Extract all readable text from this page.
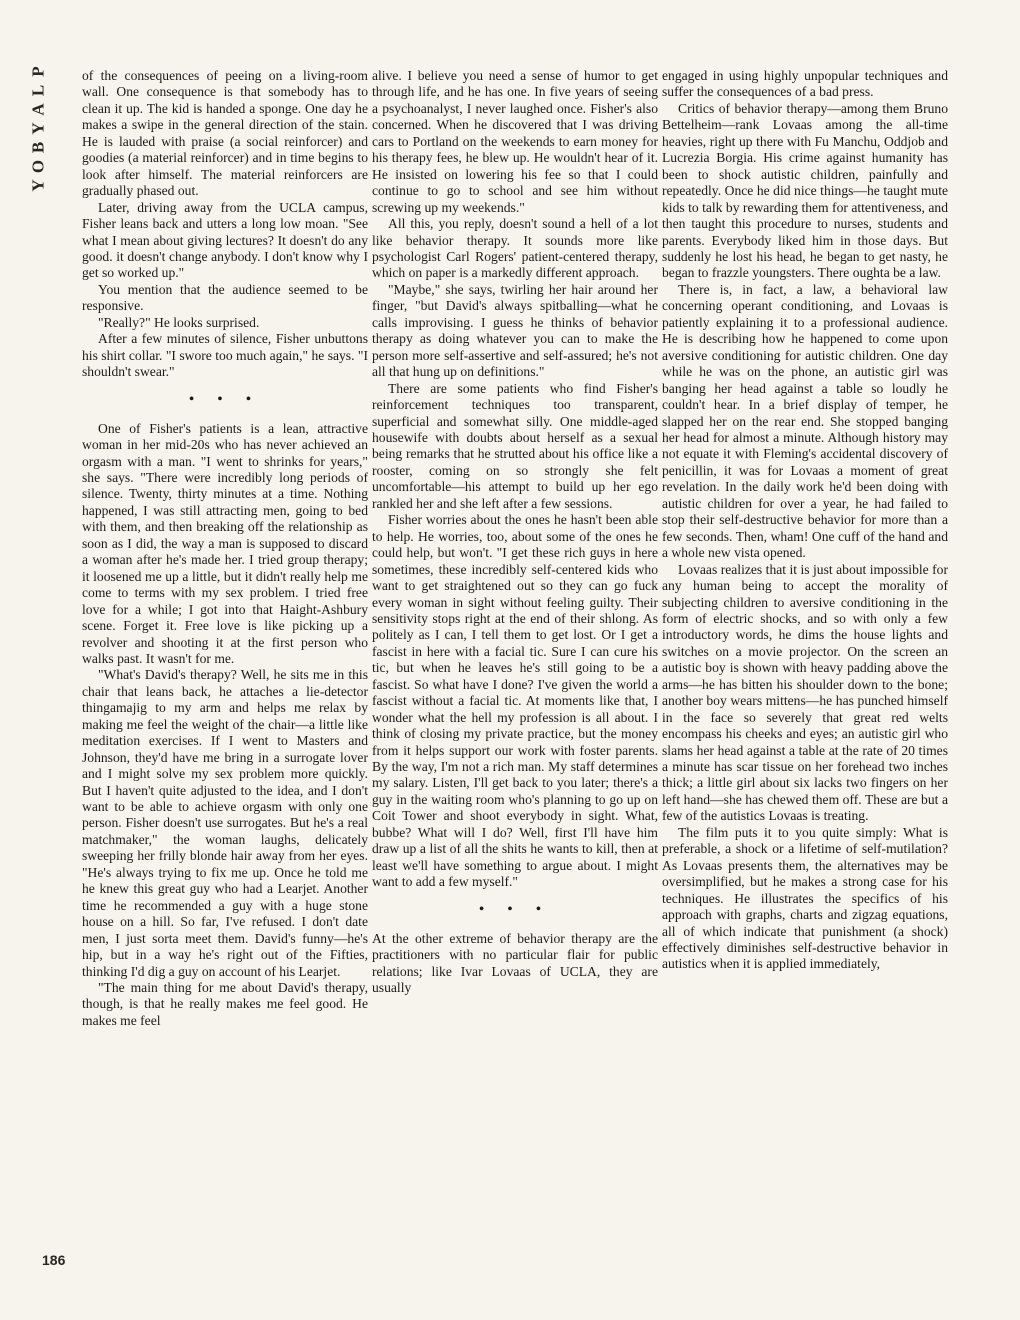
P
L
A
Y
B
O
Y

of the consequences of peeing on a living-room wall. One consequence is that somebody has to clean it up. The kid is handed a sponge. One day he makes a swipe in the general direction of the stain. He is lauded with praise (a social reinforcer) and goodies (a material reinforcer) and in time begins to look after himself. The material reinforcers are gradually phased out.

Later, driving away from the UCLA campus, Fisher leans back and utters a long low moan. "See what I mean about giving lectures? It doesn't do any good. it doesn't change anybody. I don't know why I get so worked up."

You mention that the audience seemed to be responsive.

"Really?" He looks surprised.

After a few minutes of silence, Fisher unbuttons his shirt collar. "I swore too much again," he says. "I shouldn't swear."

• • •

One of Fisher's patients is a lean, attractive woman in her mid-20s who has never achieved an orgasm with a man. "I went to shrinks for years," she says. "There were incredibly long periods of silence. Twenty, thirty minutes at a time. Nothing happened, I was still attracting men, going to bed with them, and then breaking off the relationship as soon as I did, the way a man is supposed to discard a woman after he's made her. I tried group therapy; it loosened me up a little, but it didn't really help me come to terms with my sex problem. I tried free love for a while; I got into that Haight-Ashbury scene. Forget it. Free love is like picking up a revolver and shooting it at the first person who walks past. It wasn't for me.

"What's David's therapy? Well, he sits me in this chair that leans back, he attaches a lie-detector thingamajig to my arm and helps me relax by making me feel the weight of the chair—a little like meditation exercises. If I went to Masters and Johnson, they'd have me bring in a surrogate lover and I might solve my sex problem more quickly. But I haven't quite adjusted to the idea, and I don't want to be able to achieve orgasm with only one person. Fisher doesn't use surrogates. But he's a real matchmaker," the woman laughs, delicately sweeping her frilly blonde hair away from her eyes. "He's always trying to fix me up. Once he told me he knew this great guy who had a Learjet. Another time he recommended a guy with a huge stone house on a hill. So far, I've refused. I don't date men, I just sorta meet them. David's funny—he's hip, but in a way he's right out of the Fifties, thinking I'd dig a guy on account of his Learjet.

"The main thing for me about David's therapy, though, is that he really makes me feel good. He makes me feel

alive. I believe you need a sense of humor to get through life, and he has one. In five years of seeing a psychoanalyst, I never laughed once. Fisher's also concerned. When he discovered that I was driving cars to Portland on the weekends to earn money for his therapy fees, he blew up. He wouldn't hear of it. He insisted on lowering his fee so that I could continue to go to school and see him without screwing up my weekends."

All this, you reply, doesn't sound a hell of a lot like behavior therapy. It sounds more like psychologist Carl Rogers' patient-centered therapy, which on paper is a markedly different approach.

"Maybe," she says, twirling her hair around her finger, "but David's always spitballing—what he calls improvising. I guess he thinks of behavior therapy as doing whatever you can to make the person more self-assertive and self-assured; he's not all that hung up on definitions."

There are some patients who find Fisher's reinforcement techniques too transparent, superficial and somewhat silly. One middle-aged housewife with doubts about herself as a sexual being remarks that he strutted about his office like a rooster, coming on so strongly she felt uncomfortable—his attempt to build up her ego rankled her and she left after a few sessions.

Fisher worries about the ones he hasn't been able to help. He worries, too, about some of the ones he could help, but won't. "I get these rich guys in here sometimes, these incredibly self-centered kids who want to get straightened out so they can go fuck every woman in sight without feeling guilty. Their sensitivity stops right at the end of their shlong. As politely as I can, I tell them to get lost. Or I get a fascist in here with a facial tic. Sure I can cure his tic, but when he leaves he's still going to be a fascist. So what have I done? I've given the world a fascist without a facial tic. At moments like that, I wonder what the hell my profession is all about. I think of closing my private practice, but the money from it helps support our work with foster parents. By the way, I'm not a rich man. My staff determines my salary. Listen, I'll get back to you later; there's a guy in the waiting room who's planning to go up on Coit Tower and shoot everybody in sight. What, bubbe? What will I do? Well, first I'll have him draw up a list of all the shits he wants to kill, then at least we'll have something to argue about. I might want to add a few myself."

• • •

At the other extreme of behavior therapy are the practitioners with no particular flair for public relations; like Ivar Lovaas of UCLA, they are usually

engaged in using highly unpopular techniques and suffer the consequences of a bad press.

Critics of behavior therapy—among them Bruno Bettelheim—rank Lovaas among the all-time heavies, right up there with Fu Manchu, Oddjob and Lucrezia Borgia. His crime against humanity has been to shock autistic children, painfully and repeatedly. Once he did nice things—he taught mute kids to talk by rewarding them for attentiveness, and then taught this procedure to nurses, students and parents. Everybody liked him in those days. But suddenly he lost his head, he began to get nasty, he began to frazzle youngsters. There oughta be a law.

There is, in fact, a law, a behavioral law concerning operant conditioning, and Lovaas is patiently explaining it to a professional audience. He is describing how he happened to come upon aversive conditioning for autistic children. One day while he was on the phone, an autistic girl was banging her head against a table so loudly he couldn't hear. In a brief display of temper, he slapped her on the rear end. She stopped banging her head for almost a minute. Although history may not equate it with Fleming's accidental discovery of penicillin, it was for Lovaas a moment of great revelation. In the daily work he'd been doing with autistic children for over a year, he had failed to stop their self-destructive behavior for more than a few seconds. Then, wham! One cuff of the hand and a whole new vista opened.

Lovaas realizes that it is just about impossible for any human being to accept the morality of subjecting children to aversive conditioning in the form of electric shocks, and so with only a few introductory words, he dims the house lights and switches on a movie projector. On the screen an autistic boy is shown with heavy padding above the arms—he has bitten his shoulder down to the bone; another boy wears mittens—he has punched himself in the face so severely that great red welts encompass his cheeks and eyes; an autistic girl who slams her head against a table at the rate of 20 times a minute has scar tissue on her forehead two inches thick; a little girl about six lacks two fingers on her left hand—she has chewed them off. These are but a few of the autistics Lovaas is treating.

The film puts it to you quite simply: What is preferable, a shock or a lifetime of self-mutilation? As Lovaas presents them, the alternatives may be oversimplified, but he makes a strong case for his techniques. He illustrates the specifics of his approach with graphs, charts and zigzag equations, all of which indicate that punishment (a shock) effectively diminishes self-destructive behavior in autistics when it is applied immediately,

186
